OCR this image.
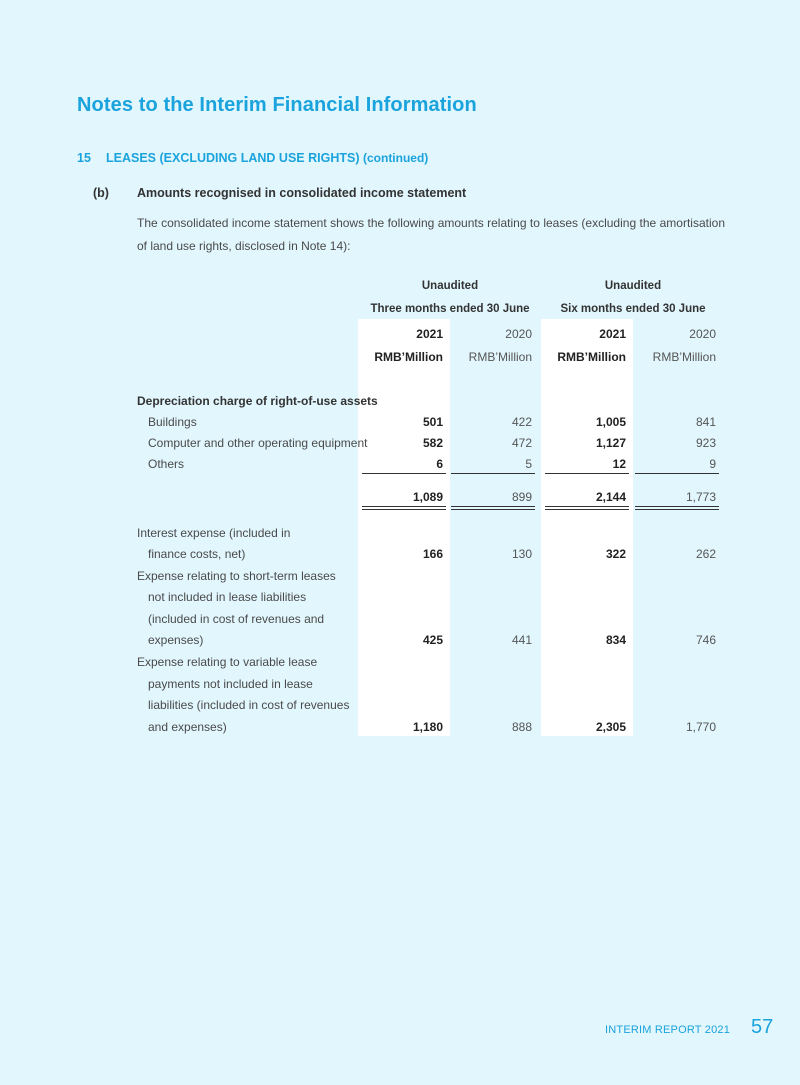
Notes to the Interim Financial Information
15 LEASES (EXCLUDING LAND USE RIGHTS) (continued)
(b) Amounts recognised in consolidated income statement

The consolidated income statement shows the following amounts relating to leases (excluding the amortisation of land use rights, disclosed in Note 14):

Unaudited
Three months ended 30 June
Unaudited
Six months ended 30 June
2021	2020	2021	2020
RMB’Million	RMB’Million	RMB’Million	RMB’Million
Depreciation charge of right-of-use assets
Buildings	501	422	1,005	841
Computer and other operating equipment	582	472	1,127	923
Others	6	5	12	9
1,089	899	2,144	1,773
Interest expense (included in
finance costs, net)	166	130	322	262
Expense relating to short-term leases
not included in lease liabilities
(included in cost of revenues and
expenses)	425	441	834	746
Expense relating to variable lease
payments not included in lease
liabilities (included in cost of revenues
and expenses)	1,180	888	2,305	1,770
INTERIM REPORT 2021 57
